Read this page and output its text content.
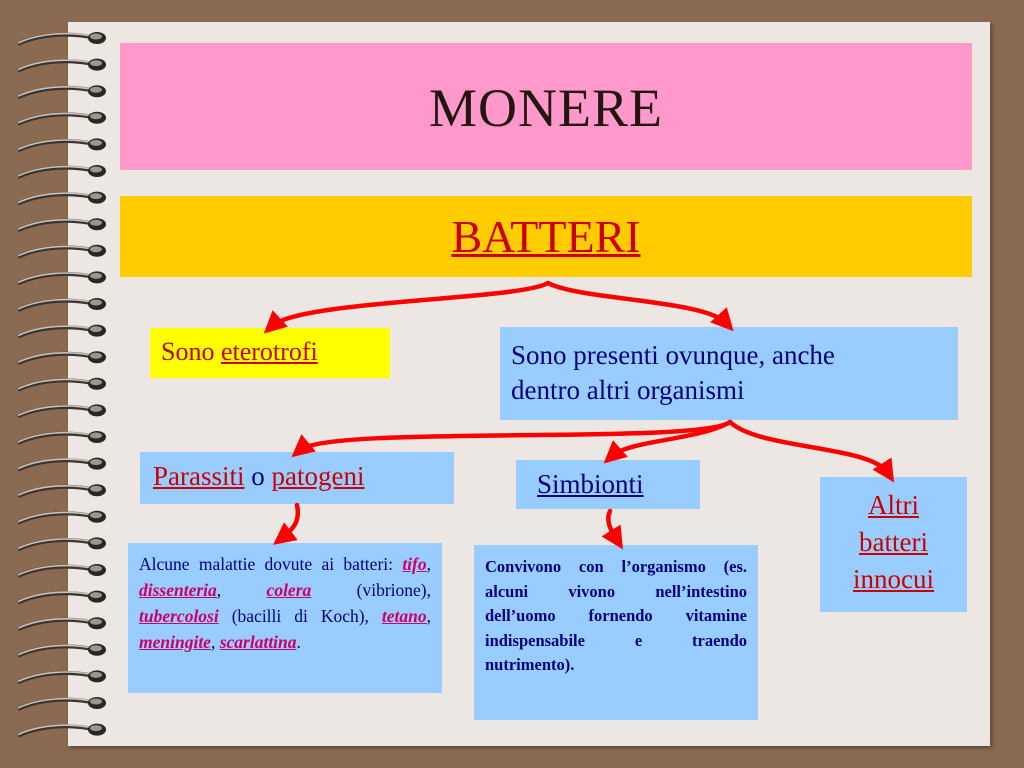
MONERE
BATTERI
Sono eterotrofi	Sono presenti ovunque, anche
dentro altri organismi
Parassiti o patogeni	Simbionti
Altri
batteri
innocui
Alcune malattie dovute ai batteri: tifo, dissenteria, colera (vibrione), tubercolosi (bacilli di Koch), tetano, meningite, scarlattina.
Convivono con l’organismo (es. alcuni vivono nell’intestino dell’uomo fornendo vitamine indispensabile e traendo nutrimento).
